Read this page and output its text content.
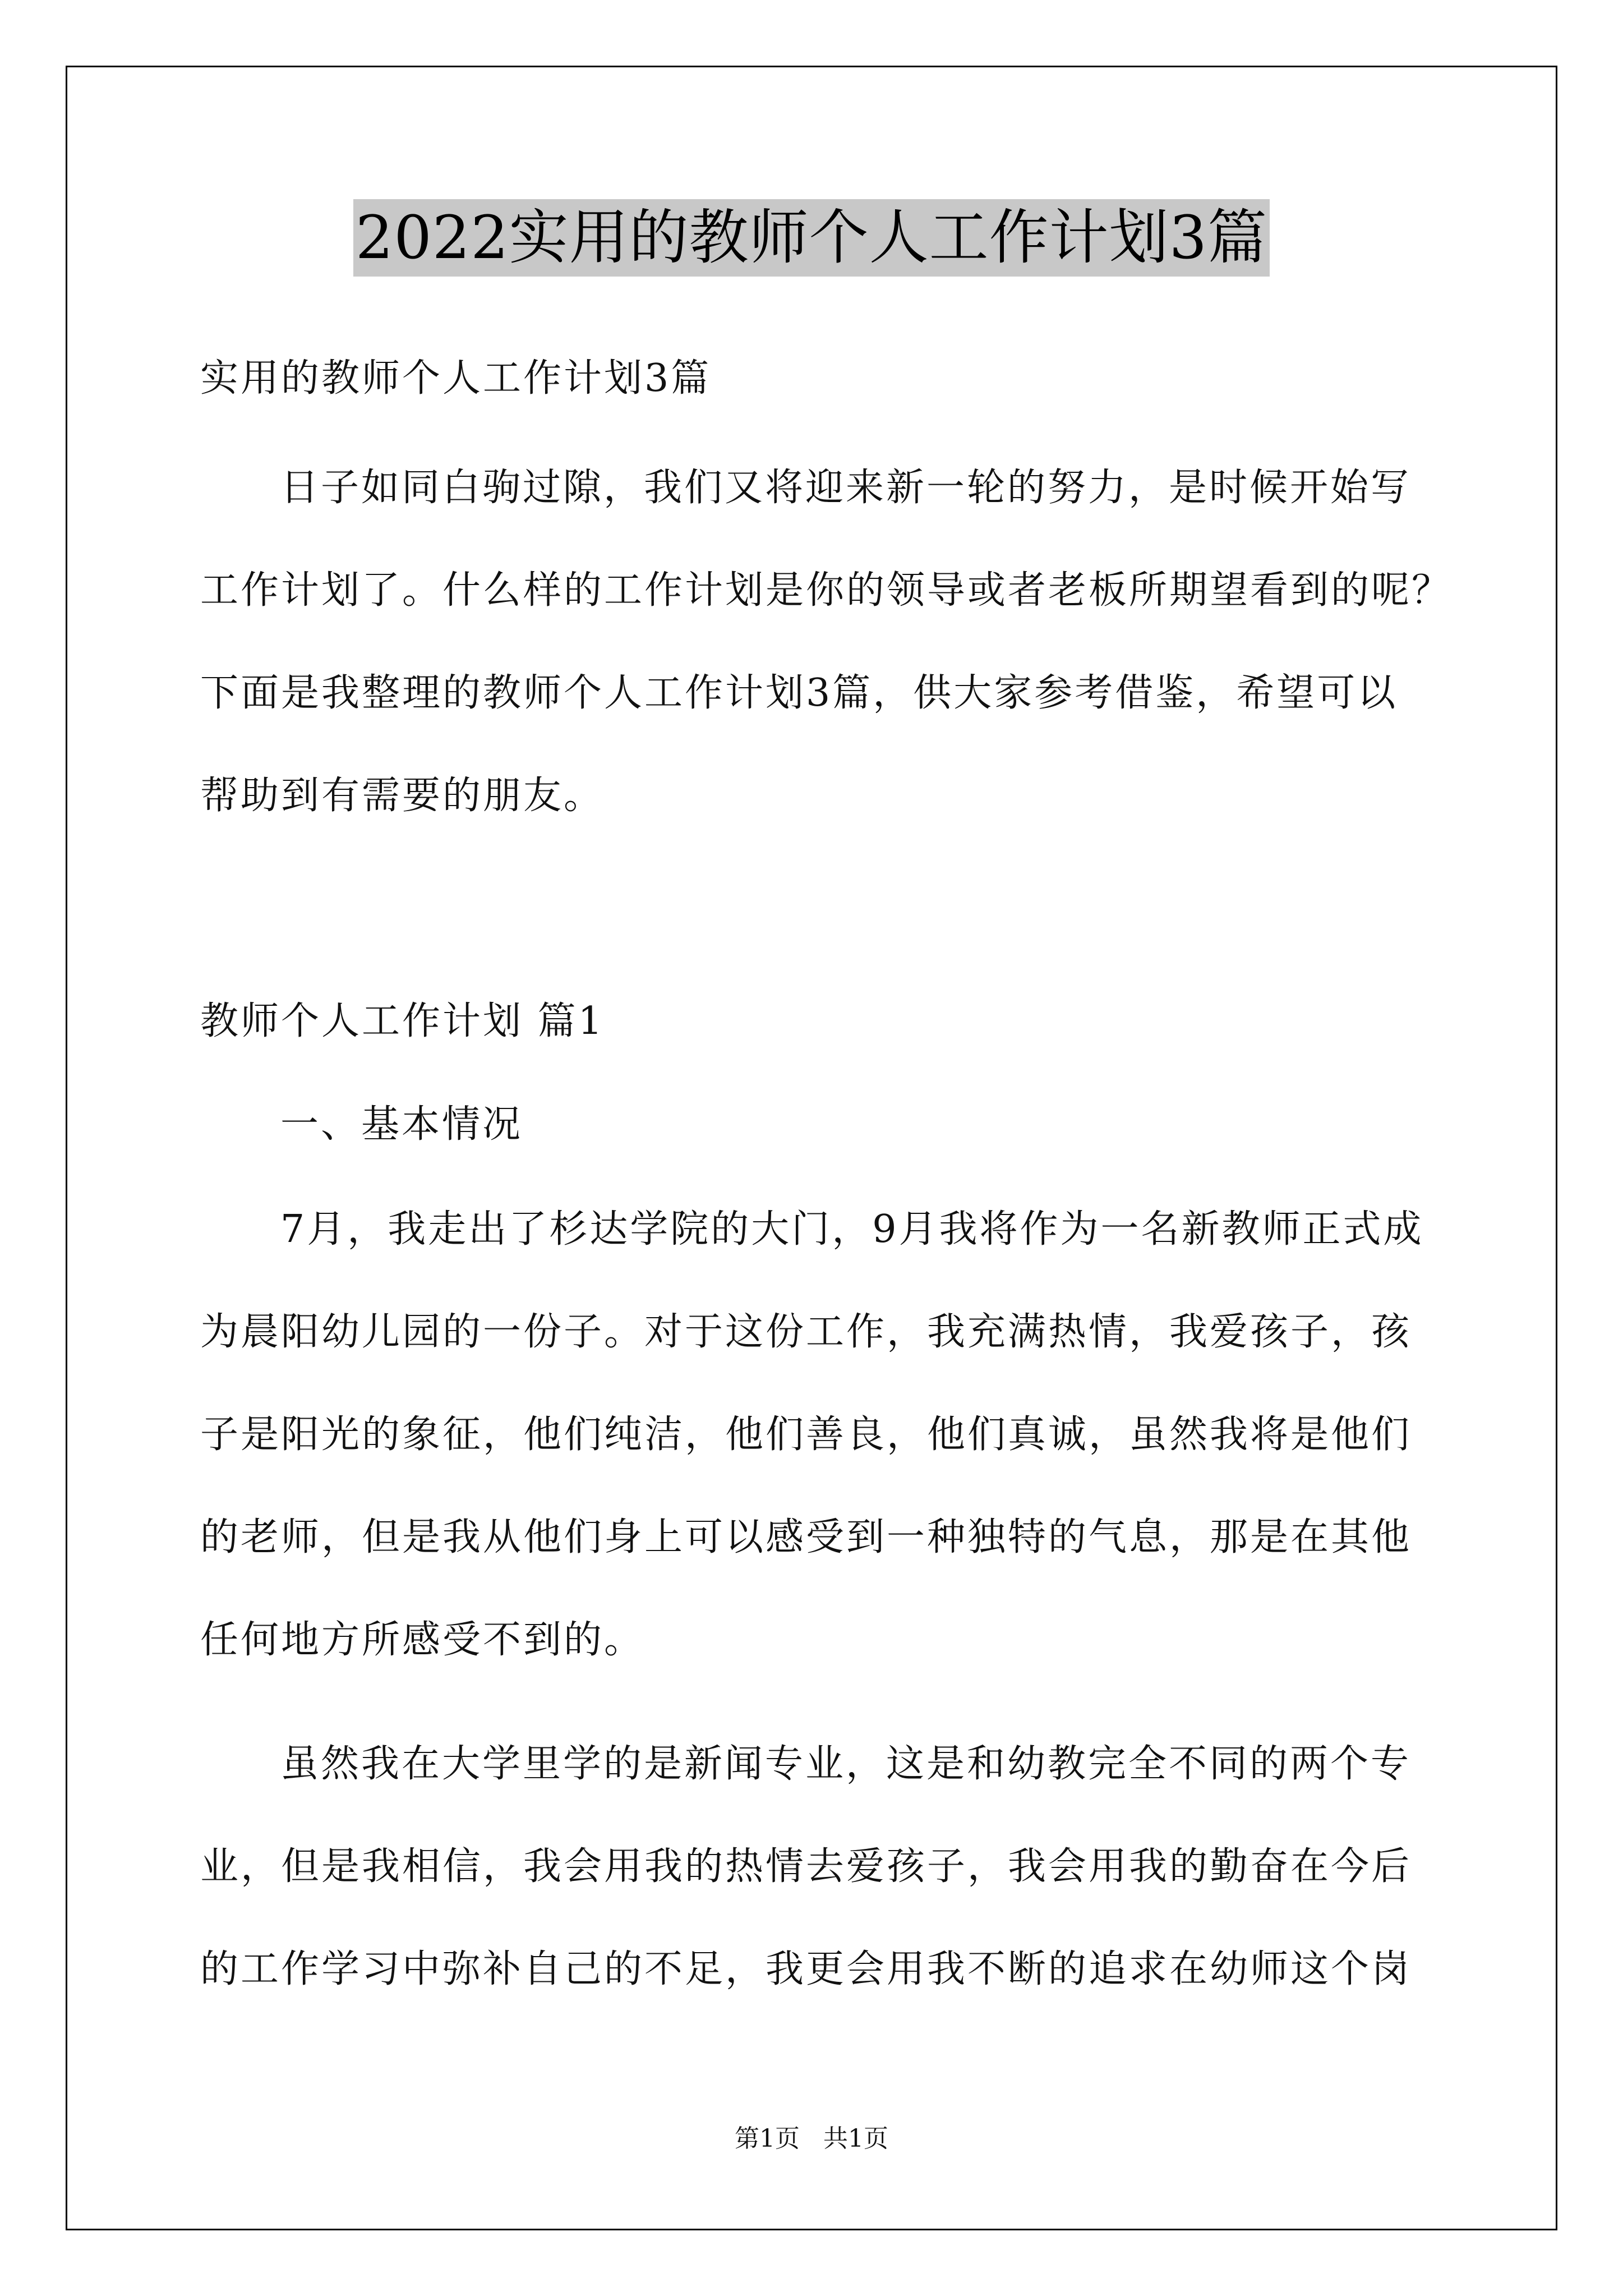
2022实用的教师个人工作计划3篇
实用的教师个人工作计划3篇
日子如同白驹过隙，我们又将迎来新一轮的努力，是时候开始写
工作计划了。什么样的工作计划是你的领导或者老板所期望看到的呢？
下面是我整理的教师个人工作计划3篇，供大家参考借鉴，希望可以
帮助到有需要的朋友。
教师个人工作计划 篇1
一、基本情况
7月，我走出了杉达学院的大门，9月我将作为一名新教师正式成
为晨阳幼儿园的一份子。对于这份工作，我充满热情，我爱孩子，孩
子是阳光的象征，他们纯洁，他们善良，他们真诚，虽然我将是他们
的老师，但是我从他们身上可以感受到一种独特的气息，那是在其他
任何地方所感受不到的。
虽然我在大学里学的是新闻专业，这是和幼教完全不同的两个专
业，但是我相信，我会用我的热情去爱孩子，我会用我的勤奋在今后
的工作学习中弥补自己的不足，我更会用我不断的追求在幼师这个岗
第1页   共1页
